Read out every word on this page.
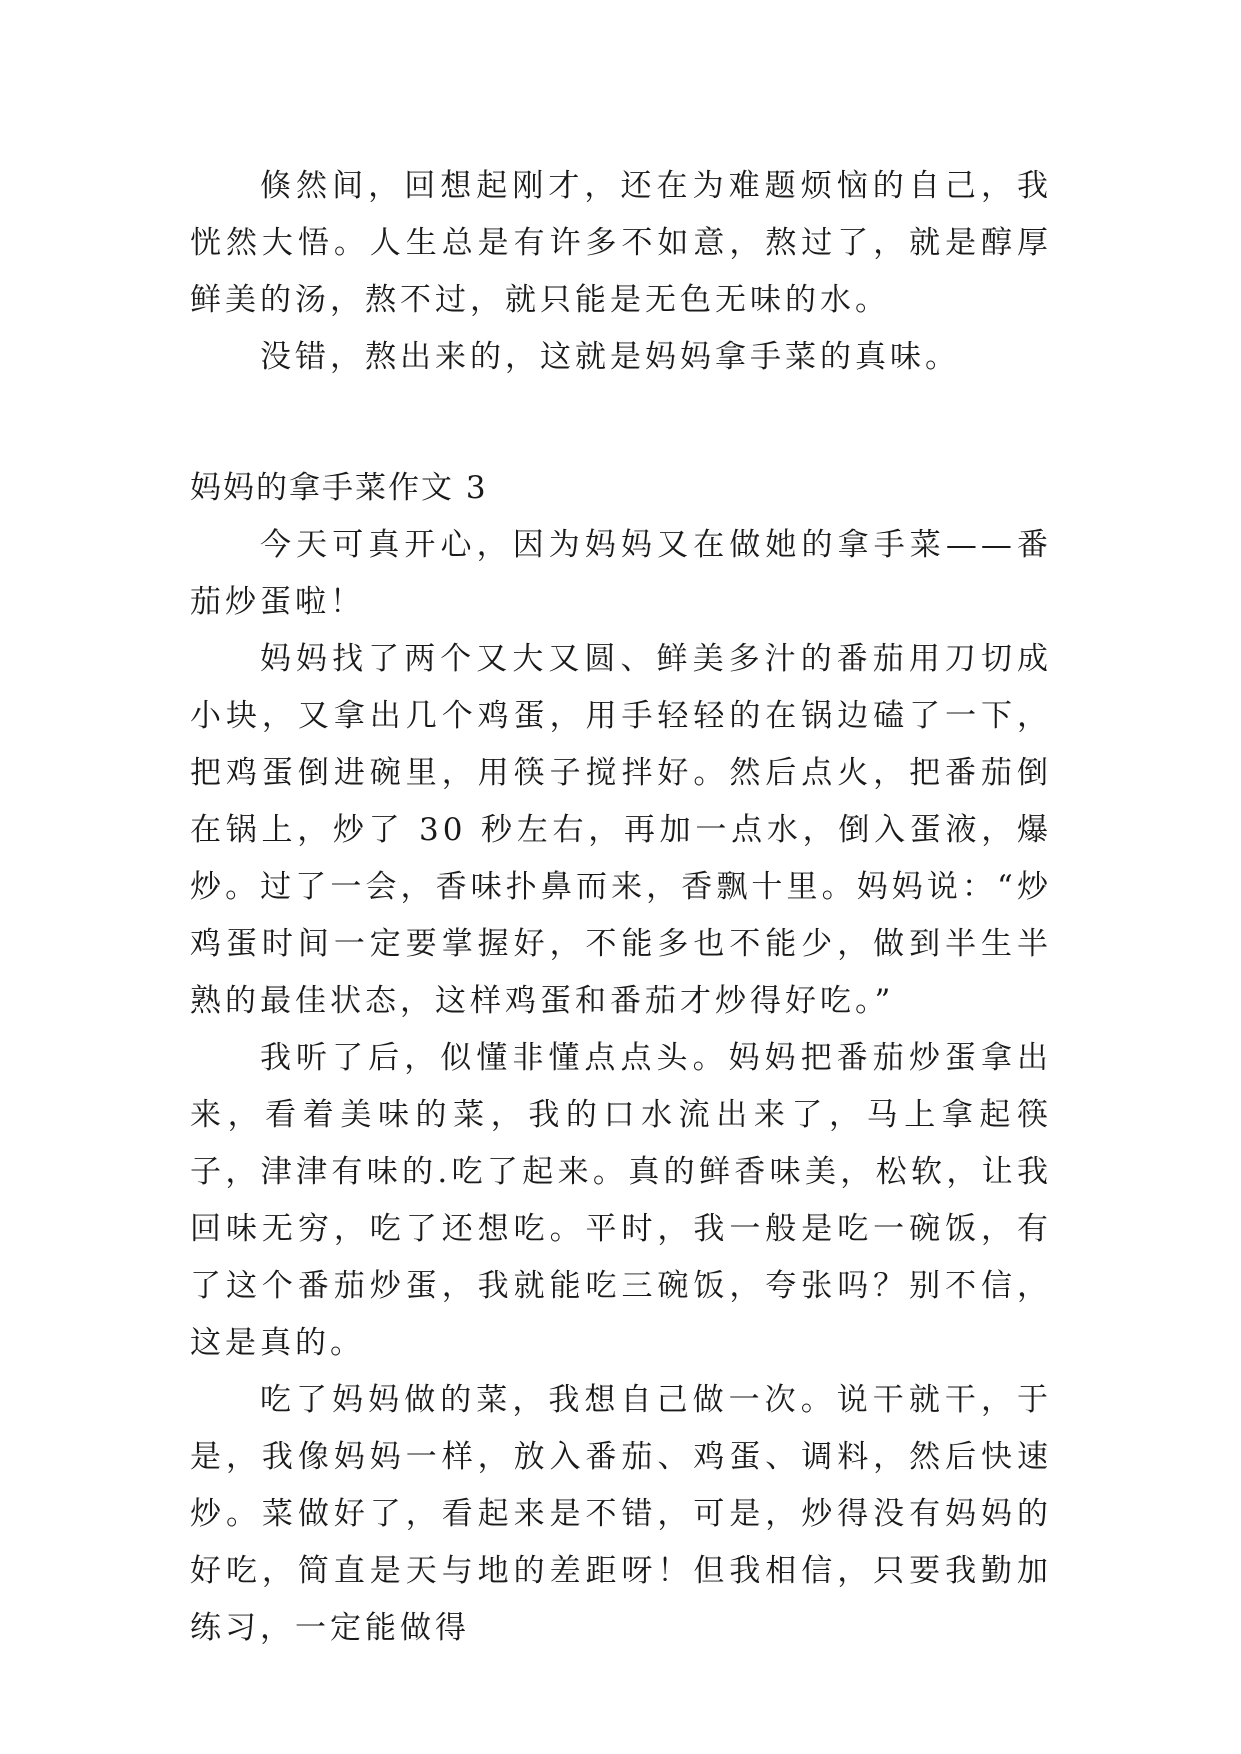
倏然间，回想起刚才，还在为难题烦恼的自己，我恍然大悟。人生总是有许多不如意，熬过了，就是醇厚鲜美的汤，熬不过，就只能是无色无味的水。

没错，熬出来的，这就是妈妈拿手菜的真味。

妈妈的拿手菜作文 3

今天可真开心，因为妈妈又在做她的拿手菜——番茄炒蛋啦！

妈妈找了两个又大又圆、鲜美多汁的番茄用刀切成小块，又拿出几个鸡蛋，用手轻轻的在锅边磕了一下，把鸡蛋倒进碗里，用筷子搅拌好。然后点火，把番茄倒在锅上，炒了 30 秒左右，再加一点水，倒入蛋液，爆炒。过了一会，香味扑鼻而来，香飘十里。妈妈说：“炒鸡蛋时间一定要掌握好，不能多也不能少，做到半生半熟的最佳状态，这样鸡蛋和番茄才炒得好吃。”

我听了后，似懂非懂点点头。妈妈把番茄炒蛋拿出来，看着美味的菜，我的口水流出来了，马上拿起筷子，津津有味的.吃了起来。真的鲜香味美，松软，让我回味无穷，吃了还想吃。平时，我一般是吃一碗饭，有了这个番茄炒蛋，我就能吃三碗饭，夸张吗？别不信，这是真的。

吃了妈妈做的菜，我想自己做一次。说干就干，于是，我像妈妈一样，放入番茄、鸡蛋、调料，然后快速炒。菜做好了，看起来是不错，可是，炒得没有妈妈的好吃，简直是天与地的差距呀！但我相信，只要我勤加练习，一定能做得
